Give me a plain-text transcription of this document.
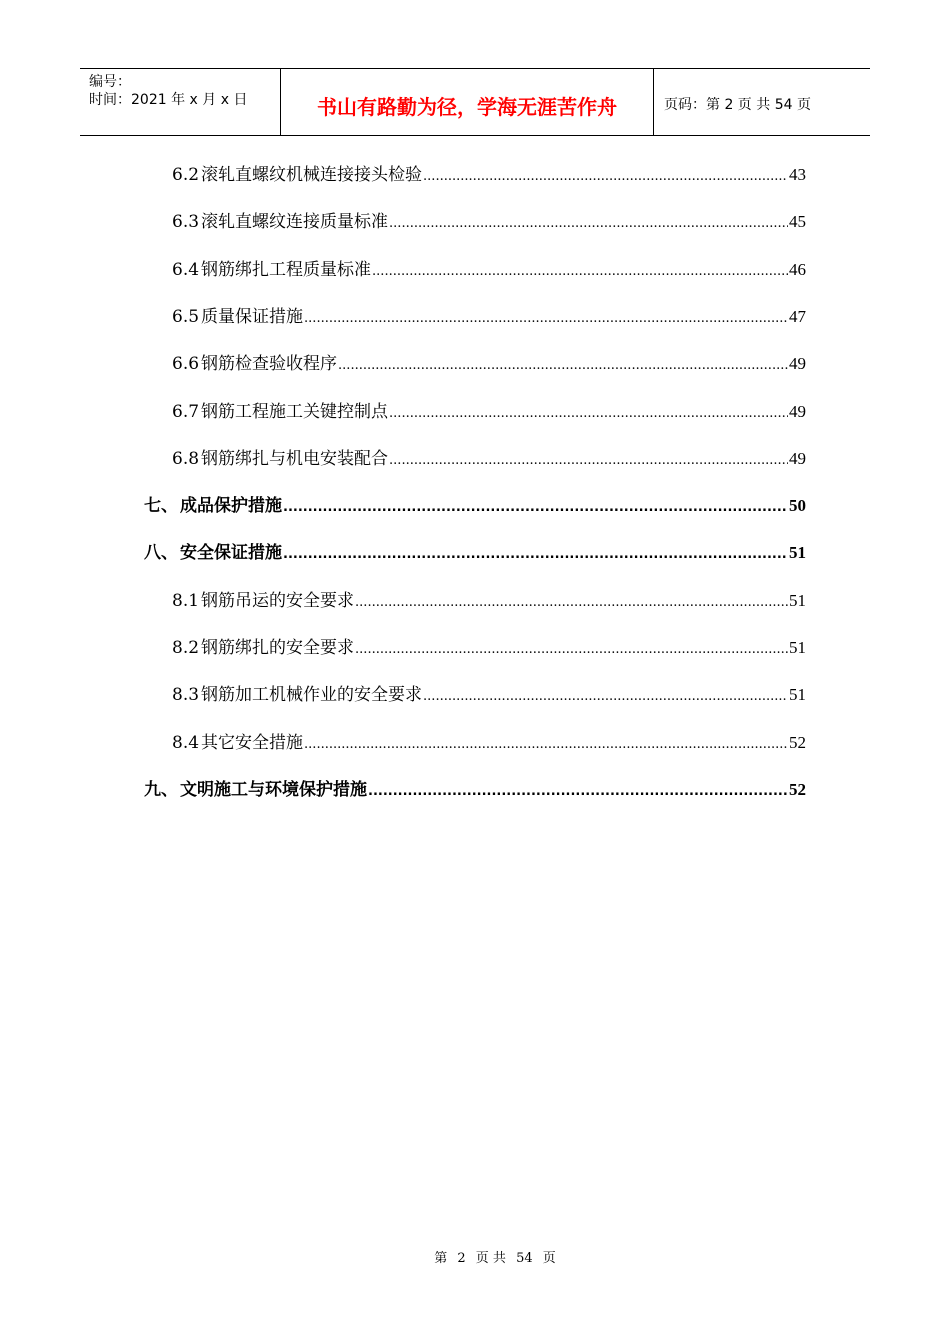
编号：
时间：2021 年 x 月 x 日	书山有路勤为径，学海无涯苦作舟	页码：第 2 页 共 54 页
6.2 滚轧直螺纹机械连接接头检验 .....	43
6.3 滚轧直螺纹连接质量标准 .....	45
6.4 钢筋绑扎工程质量标准 .....	46
6.5 质量保证措施 .....	47
6.6 钢筋检查验收程序 .....	49
6.7 钢筋工程施工关键控制点 .....	49
6.8 钢筋绑扎与机电安装配合 .....	49
七、 成品保护措施 .....	50
八、 安全保证措施 .....	51
8.1 钢筋吊运的安全要求 .....	51
8.2 钢筋绑扎的安全要求 .....	51
8.3 钢筋加工机械作业的安全要求 .....	51
8.4 其它安全措施 .....	52
九、 文明施工与环境保护措施 .....	52
第 2 页 共 54 页
